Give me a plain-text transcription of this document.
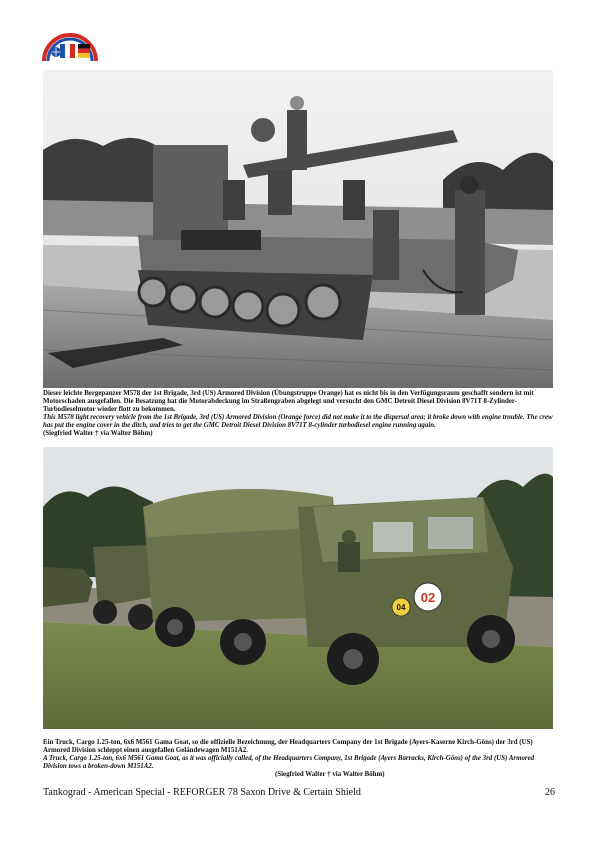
Dieser leichte Bergepanzer M578 der 1st Brigade, 3rd (US) Armored Division (Übungstruppe Orange) hat es nicht bis in den Verfügungsraum geschafft sondern ist mit Motorschaden ausgefallen. Die Besatzung hat die Motorabdeckung im Straßengraben abgelegt und versucht den GMC Detroit Diesel Division 8V71T 8-Zylinder-Turbodieselmotor wieder flott zu bekommen.

This M578 light recovery vehicle from the 1st Brigade, 3rd (US) Armored Division (Orange force) did not make it to the dispersal area; it broke down with engine trouble. The crew has put the engine cover in the ditch, and tries to get the GMC Detroit Diesel Division 8V71T 8-cylinder turbodiesel engine running again.

(Siegfried Walter † via Walter Böhm)

02
04

Ein Truck, Cargo 1.25-ton, 6x6 M561 Gama Goat, so die offizielle Bezeichnung, der Headquarters Company der 1st Brigade (Ayers-Kaserne Kirch-Göns) der 3rd (US) Armored Division schleppt einen ausgefallen Geländewagen M151A2.

A Truck, Cargo 1.25-ton, 6x6 M561 Gama Goat, as it was officially called, of the Headquarters Company, 1st Brigade (Ayers Barracks, Kirch-Göns) of the 3rd (US) Armored Division tows a broken-down M151A2.

(Siegfried Walter † via Walter Böhm)
Tankograd - American Special - REFORGER 78 Saxon Drive & Certain Shield	26
